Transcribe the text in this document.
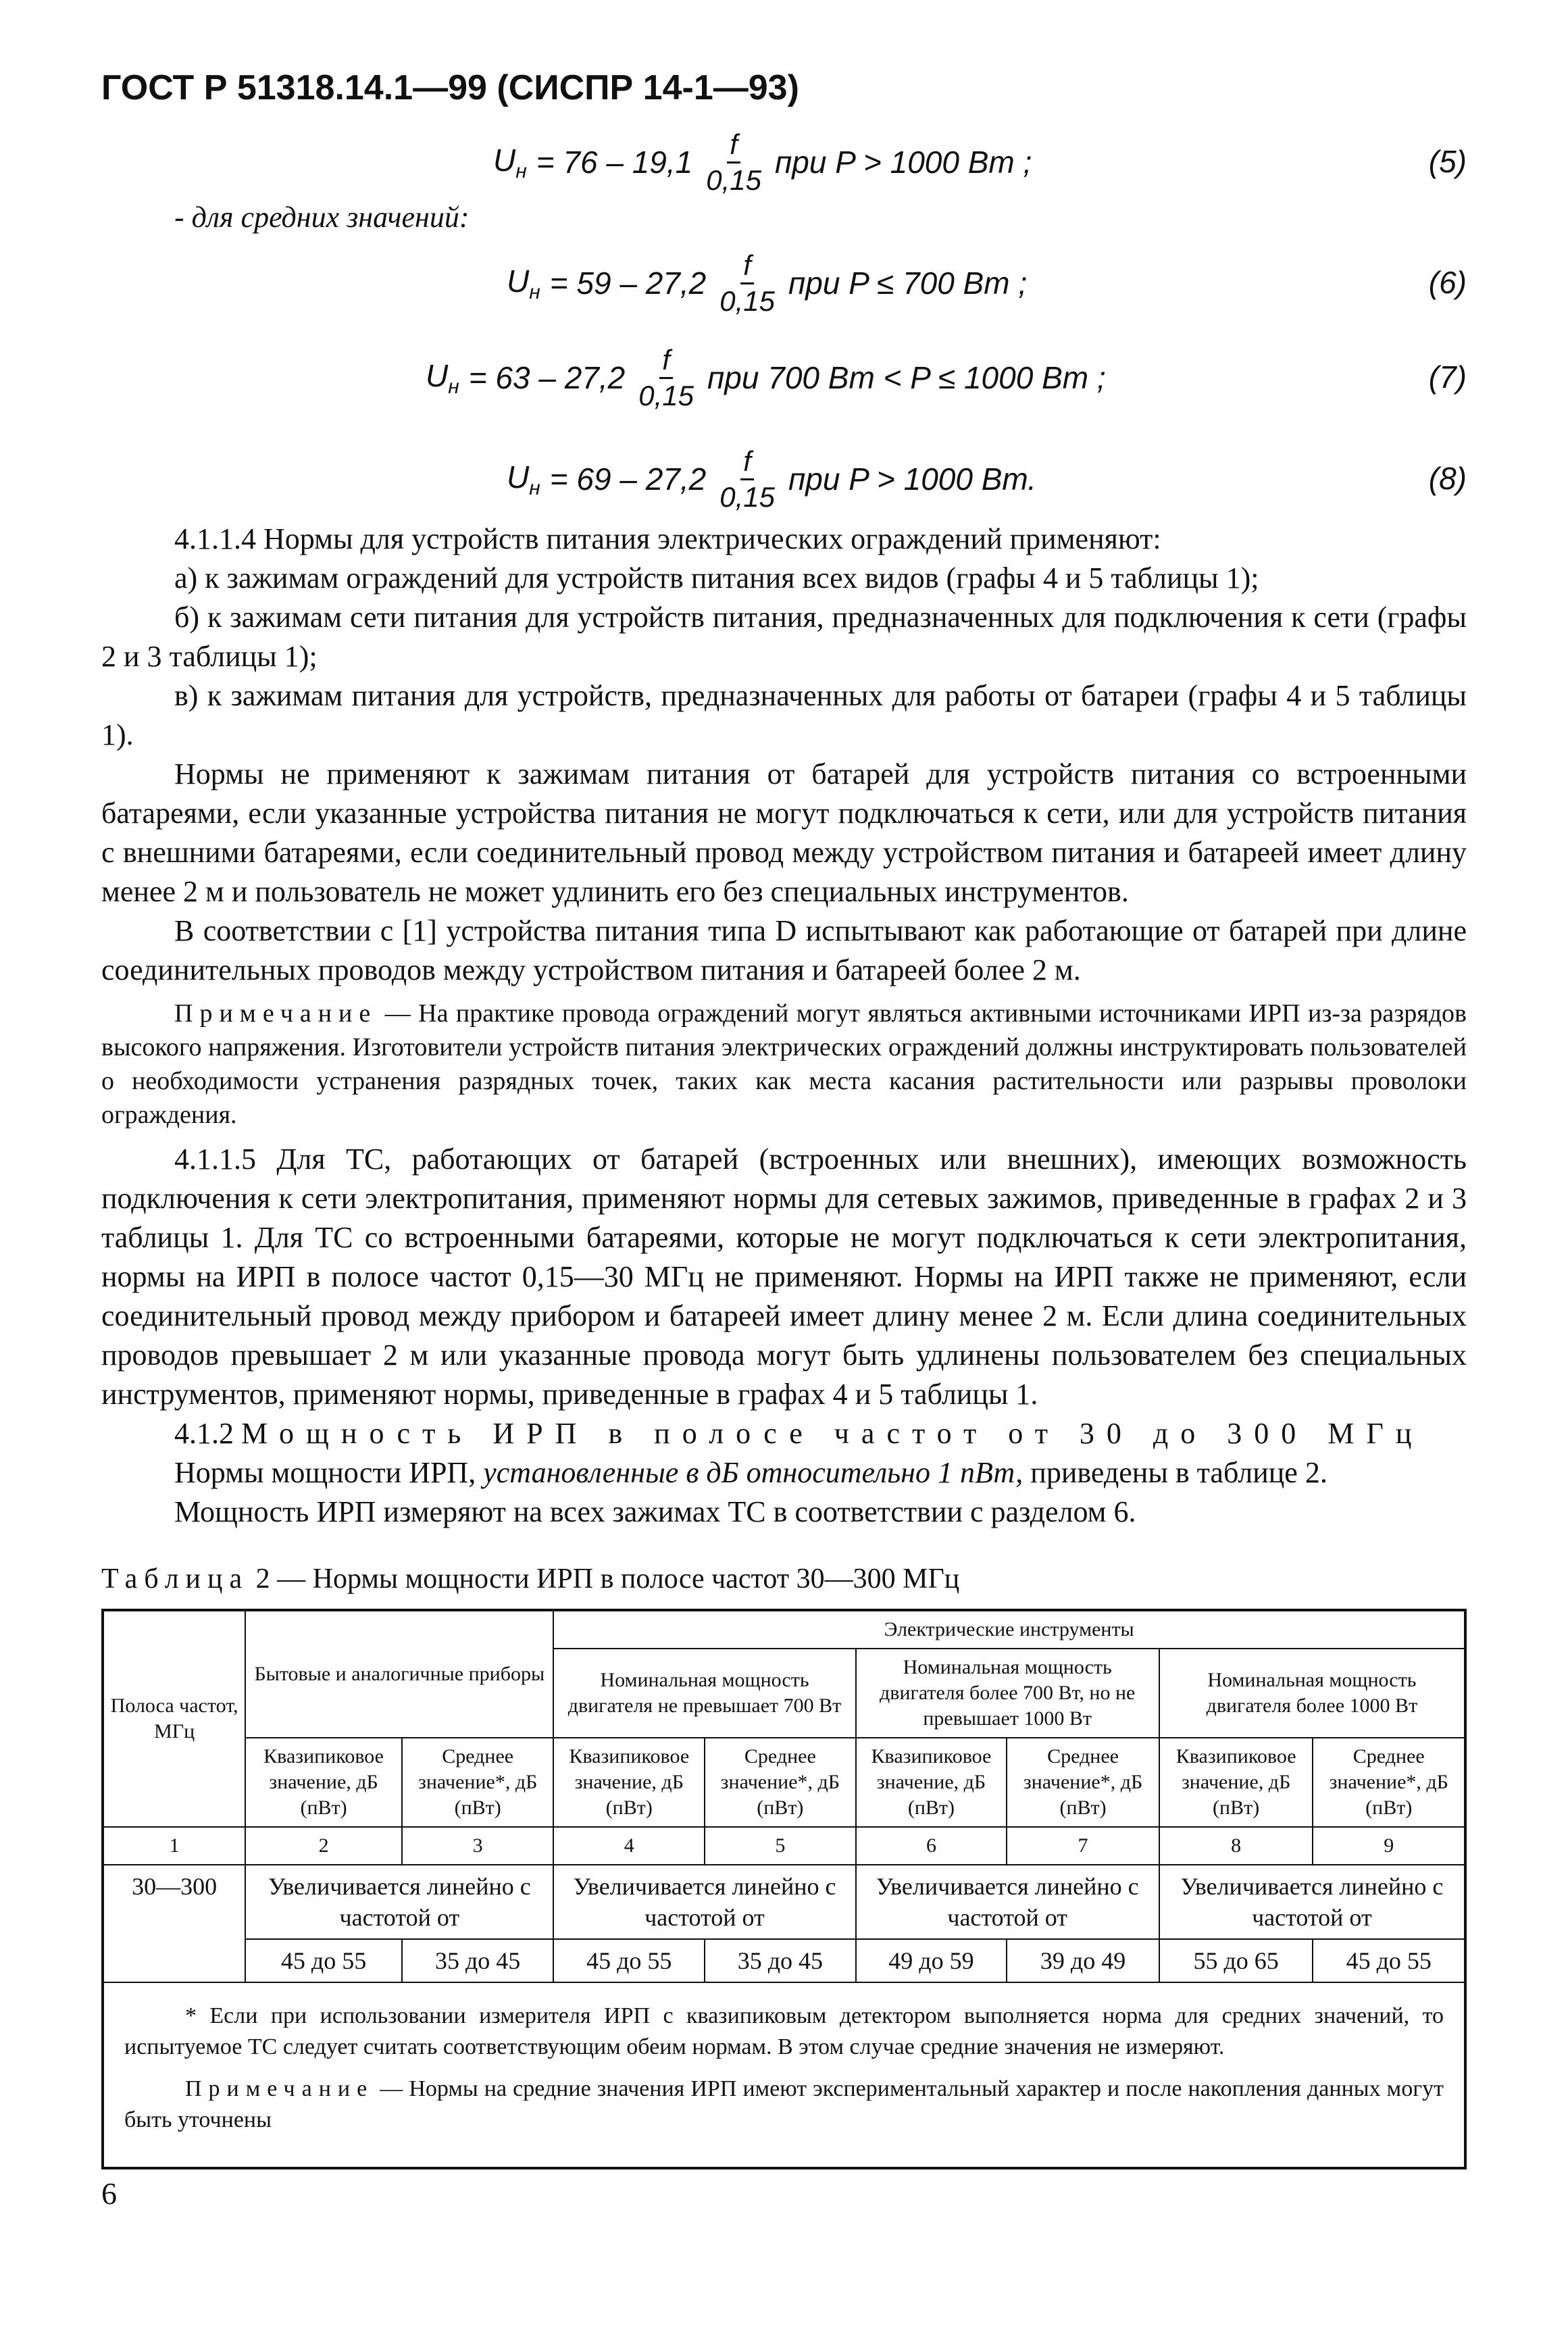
ГОСТ Р 51318.14.1—99 (СИСПР 14-1—93)
$U_н = 76 - 19,1 \frac{f}{0,15}$ при P > 1000 Вт ;	(5)
- для средних значений:
$U_н = 59 - 27,2 \frac{f}{0,15}$ при P ≤ 700 Вт ;	(6)
$U_н = 63 - 27,2 \frac{f}{0,15}$ при 700 Вт < P ≤ 1000 Вт ;	(7)
$U_н = 69 - 27,2 \frac{f}{0,15}$ при P > 1000 Вт.	(8)

4.1.1.4 Нормы для устройств питания электрических ограждений применяют:

а) к зажимам ограждений для устройств питания всех видов (графы 4 и 5 таблицы 1);

б) к зажимам сети питания для устройств питания, предназначенных для подключения к сети (графы 2 и 3 таблицы 1);

в) к зажимам питания для устройств, предназначенных для работы от батареи (графы 4 и 5 таблицы 1).

Нормы не применяют к зажимам питания от батарей для устройств питания со встроенными батареями, если указанные устройства питания не могут подключаться к сети, или для устройств питания с внешними батареями, если соединительный провод между устройством питания и батареей имеет длину менее 2 м и пользователь не может удлинить его без специальных инструментов.

В соответствии с [1] устройства питания типа D испытывают как работающие от батарей при длине соединительных проводов между устройством питания и батареей более 2 м.

Примечание — На практике провода ограждений могут являться активными источниками ИРП из-за разрядов высокого напряжения. Изготовители устройств питания электрических ограждений должны инструктировать пользователей о необходимости устранения разрядных точек, таких как места касания растительности или разрывы проволоки ограждения.

4.1.1.5 Для ТС, работающих от батарей (встроенных или внешних), имеющих возможность подключения к сети электропитания, применяют нормы для сетевых зажимов, приведенные в графах 2 и 3 таблицы 1. Для ТС со встроенными батареями, которые не могут подключаться к сети электропитания, нормы на ИРП в полосе частот 0,15—30 МГц не применяют. Нормы на ИРП также не применяют, если соединительный провод между прибором и батареей имеет длину менее 2 м. Если длина соединительных проводов превышает 2 м или указанные провода могут быть удлинены пользователем без специальных инструментов, применяют нормы, приведенные в графах 4 и 5 таблицы 1.

4.1.2 Мощность ИРП в полосе частот от 30 до 300 МГц

Нормы мощности ИРП, установленные в дБ относительно 1 пВт, приведены в таблице 2.

Мощность ИРП измеряют на всех зажимах ТС в соответствии с разделом 6.

Таблица 2 — Нормы мощности ИРП в полосе частот 30—300 МГц
Полоса частот, МГц	Бытовые и аналогичные приборы		Электрические инструменты					
			Номинальная мощность двигателя не превышает 700 Вт		Номинальная мощность двигателя более 700 Вт, но не превышает 1000 Вт		Номинальная мощность двигателя более 1000 Вт	
	Квазипиковое значение, дБ (пВт)	Среднее значение*, дБ (пВт)	Квазипиковое значение, дБ (пВт)	Среднее значение*, дБ (пВт)	Квазипиковое значение, дБ (пВт)	Среднее значение*, дБ (пВт)	Квазипиковое значение, дБ (пВт)	Среднее значение*, дБ (пВт)
1	2	3	4	5	6	7	8	9
30—300	Увеличивается линейно с частотой от		Увеличивается линейно с частотой от		Увеличивается линейно с частотой от		Увеличивается линейно с частотой от	
	45 до 55	35 до 45	45 до 55	35 до 45	49 до 59	39 до 49	55 до 65	45 до 55

* Если при использовании измерителя ИРП с квазипиковым детектором выполняется норма для средних значений, то испытуемое ТС следует считать соответствующим обеим нормам. В этом случае средние значения не измеряют.

Примечание — Нормы на средние значения ИРП имеют экспериментальный характер и после накопления данных могут быть уточнены								

6
